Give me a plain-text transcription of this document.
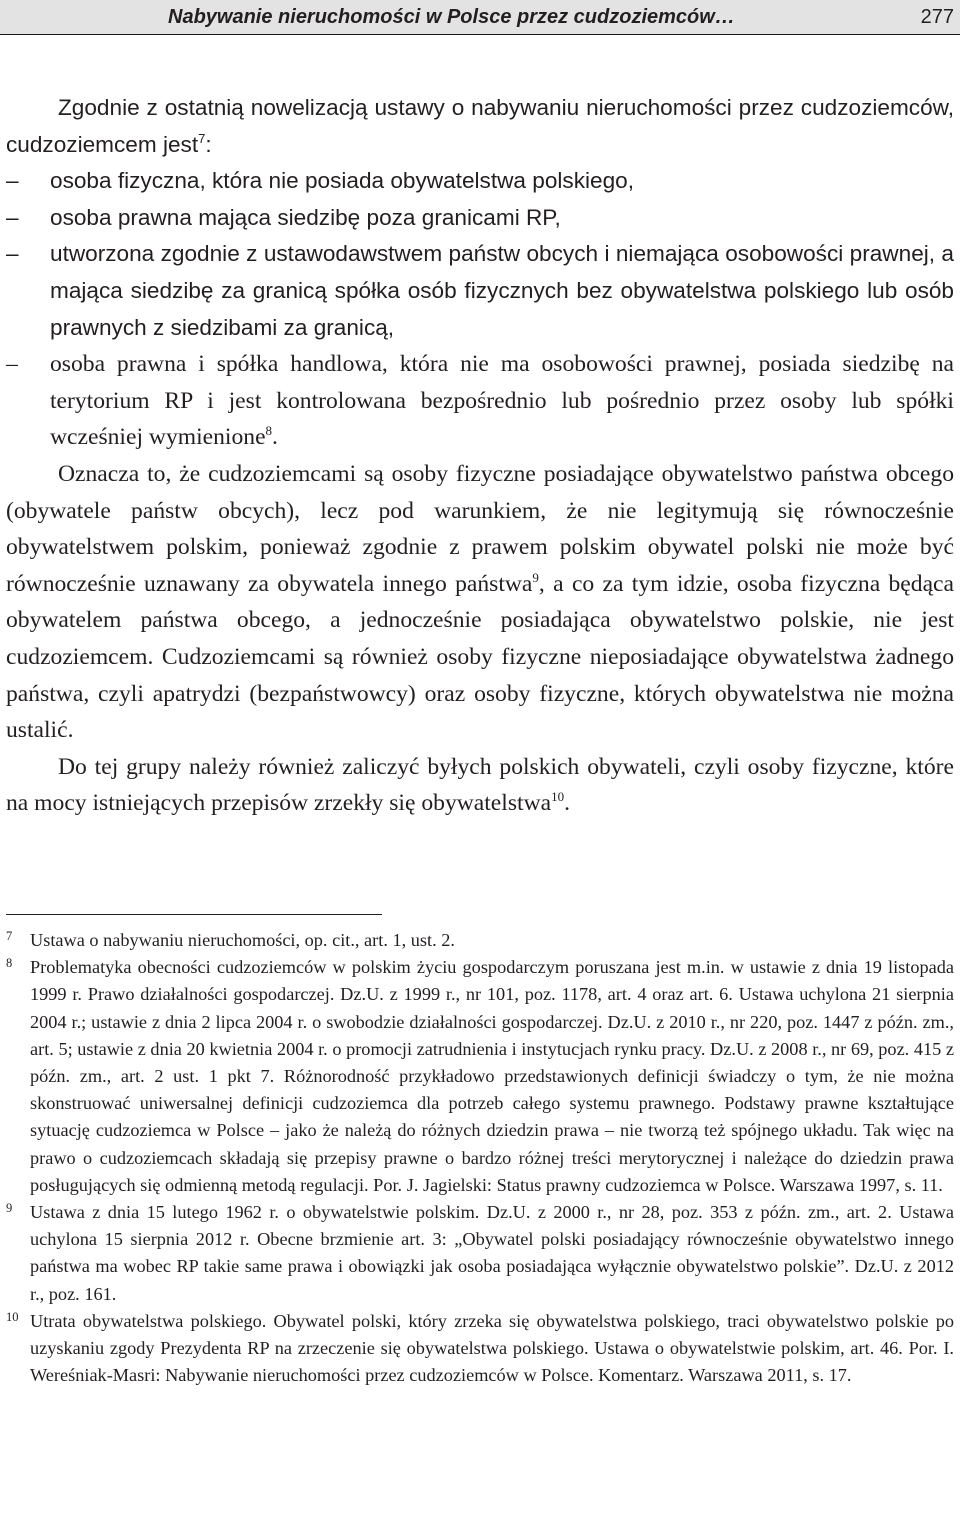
Nabywanie nieruchomości w Polsce przez cudzoziemców…	277

Zgodnie z ostatnią nowelizacją ustawy o nabywaniu nieruchomości przez cudzoziemców, cudzoziemcem jest$^7$:

– osoba fizyczna, która nie posiada obywatelstwa polskiego,
– osoba prawna mająca siedzibę poza granicami RP,
– utworzona zgodnie z ustawodawstwem państw obcych i niemająca osobowości prawnej, a mająca siedzibę za granicą spółka osób fizycznych bez obywatelstwa polskiego lub osób prawnych z siedzibami za granicą,
– osoba prawna i spółka handlowa, która nie ma osobowości prawnej, posiada siedzibę na terytorium RP i jest kontrolowana bezpośrednio lub pośrednio przez osoby lub spółki wcześniej wymienione$^8$.

Oznacza to, że cudzoziemcami są osoby fizyczne posiadające obywatelstwo państwa obcego (obywatele państw obcych), lecz pod warunkiem, że nie legitymują się równocześnie obywatelstwem polskim, ponieważ zgodnie z prawem polskim obywatel polski nie może być równocześnie uznawany za obywatela innego państwa$^9$, a co za tym idzie, osoba fizyczna będąca obywatelem państwa obcego, a jednocześnie posiadająca obywatelstwo polskie, nie jest cudzoziemcem. Cudzoziemcami są również osoby fizyczne nieposiadające obywatelstwa żadnego państwa, czyli apatrydzi (bezpaństwowcy) oraz osoby fizyczne, których obywatelstwa nie można ustalić.

Do tej grupy należy również zaliczyć byłych polskich obywateli, czyli osoby fizyczne, które na mocy istniejących przepisów zrzekły się obywatelstwa$^{10}$.

7 Ustawa o nabywaniu nieruchomości, op. cit., art. 1, ust. 2.
8 Problematyka obecności cudzoziemców w polskim życiu gospodarczym poruszana jest m.in. w ustawie z dnia 19 listopada 1999 r. Prawo działalności gospodarczej. Dz.U. z 1999 r., nr 101, poz. 1178, art. 4 oraz art. 6. Ustawa uchylona 21 sierpnia 2004 r.; ustawie z dnia 2 lipca 2004 r. o swobodzie działalności gospodarczej. Dz.U. z 2010 r., nr 220, poz. 1447 z późn. zm., art. 5; ustawie z dnia 20 kwietnia 2004 r. o promocji zatrudnienia i instytucjach rynku pracy. Dz.U. z 2008 r., nr 69, poz. 415 z późn. zm., art. 2 ust. 1 pkt 7. Różnorodność przykładowo przedstawionych definicji świadczy o tym, że nie można skonstruować uniwersalnej definicji cudzoziemca dla potrzeb całego systemu prawnego. Podstawy prawne kształtujące sytuację cudzoziemca w Polsce – jako że należą do różnych dziedzin prawa – nie tworzą też spójnego układu. Tak więc na prawo o cudzoziemcach składają się przepisy prawne o bardzo różnej treści merytorycznej i należące do dziedzin prawa posługujących się odmienną metodą regulacji. Por. J. Jagielski: Status prawny cudzoziemca w Polsce. Warszawa 1997, s. 11.
9 Ustawa z dnia 15 lutego 1962 r. o obywatelstwie polskim. Dz.U. z 2000 r., nr 28, poz. 353 z późn. zm., art. 2. Ustawa uchylona 15 sierpnia 2012 r. Obecne brzmienie art. 3: „Obywatel polski posiadający równocześnie obywatelstwo innego państwa ma wobec RP takie same prawa i obowiązki jak osoba posiadająca wyłącznie obywatelstwo polskie”. Dz.U. z 2012 r., poz. 161.
10 Utrata obywatelstwa polskiego. Obywatel polski, który zrzeka się obywatelstwa polskiego, traci obywatelstwo polskie po uzyskaniu zgody Prezydenta RP na zrzeczenie się obywatelstwa polskiego. Ustawa o obywatelstwie polskim, art. 46. Por. I. Wereśniak-Masri: Nabywanie nieruchomości przez cudzoziemców w Polsce. Komentarz. Warszawa 2011, s. 17.
